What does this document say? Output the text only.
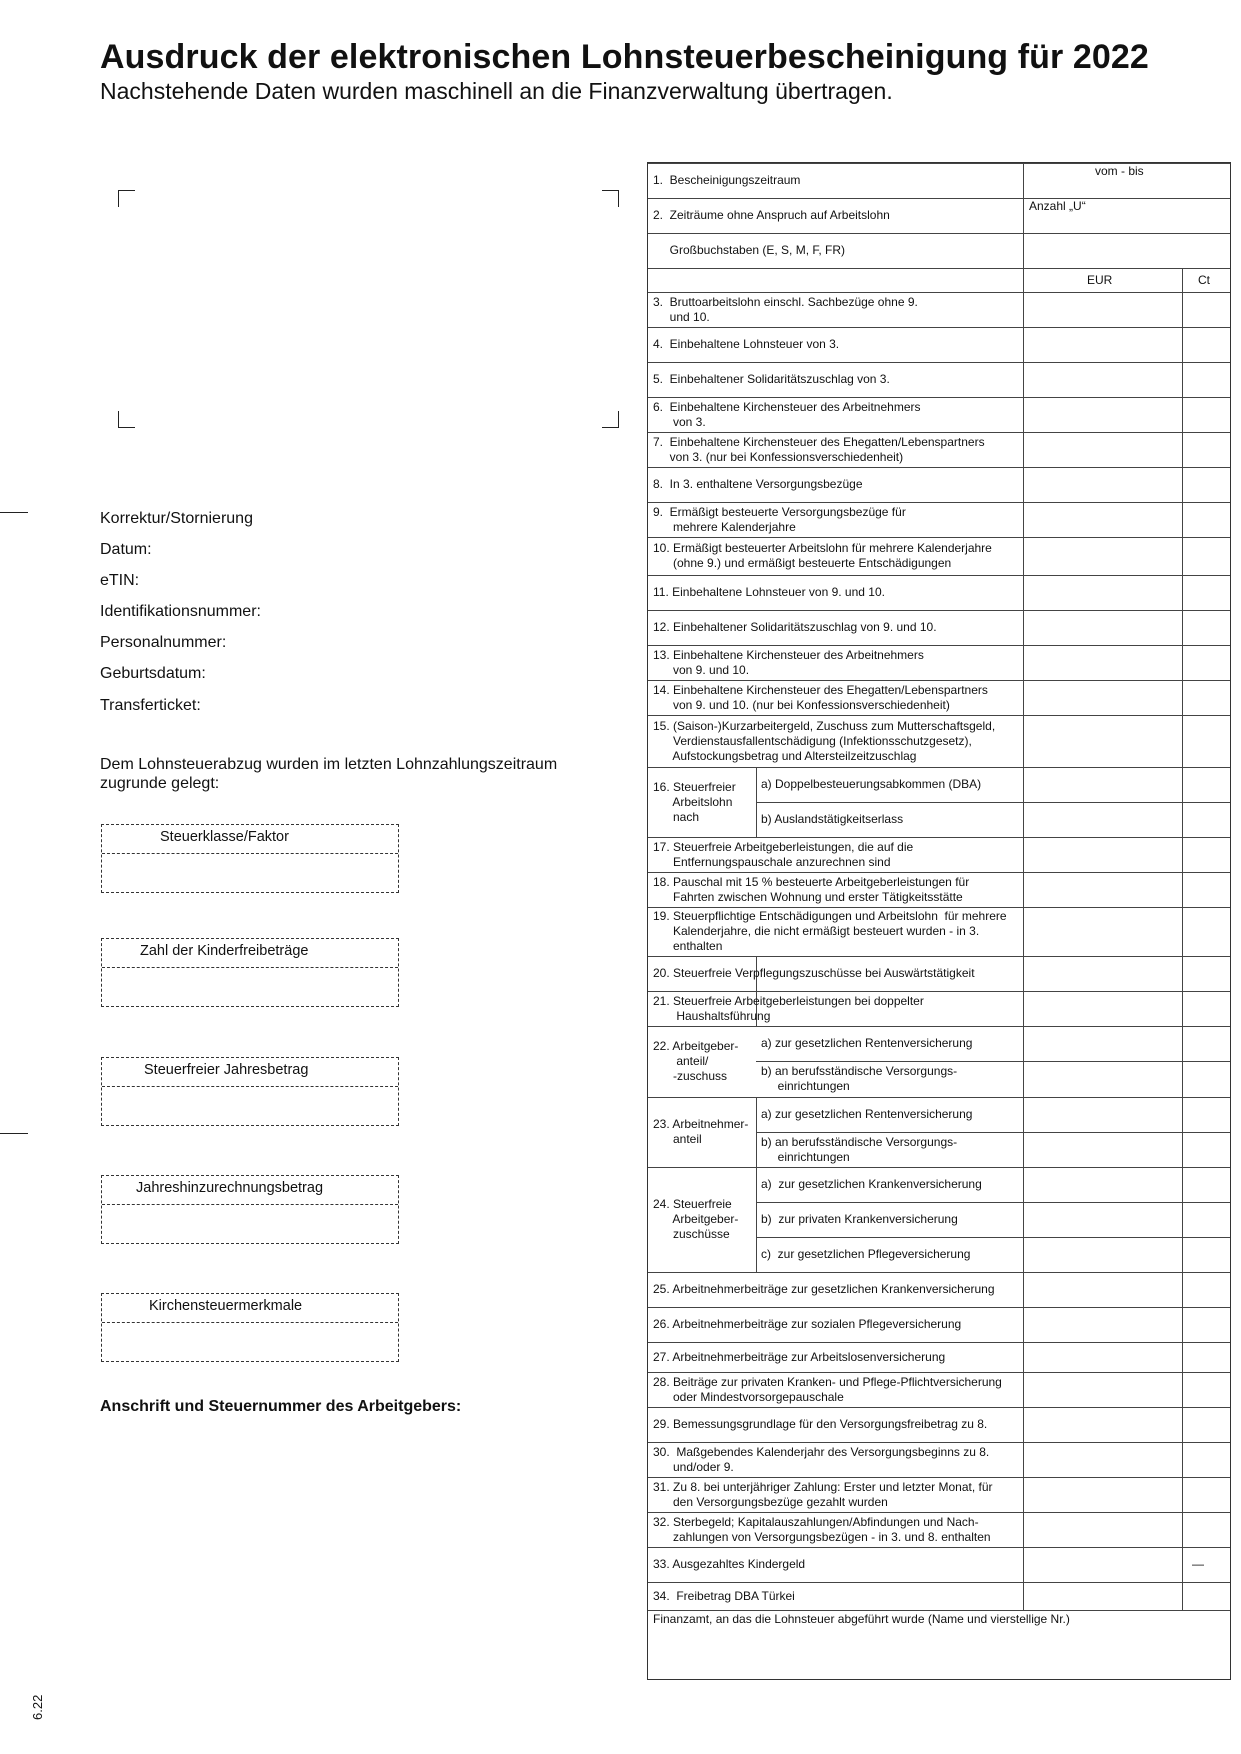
Ausdruck der elektronischen Lohnsteuerbescheinigung für 2022
Nachstehende Daten wurden maschinell an die Finanzverwaltung übertragen.
Korrektur/Stornierung
Datum:
eTIN:
Identifikationsnummer:
Personalnummer:
Geburtsdatum:
Transferticket:
Dem Lohnsteuerabzug wurden im letzten Lohnzahlungszeitraum zugrunde gelegt:
Steuerklasse/Faktor
Zahl der Kinderfreibeträge
Steuerfreier Jahresbetrag
Jahreshinzurechnungsbetrag
Kirchensteuermerkmale
Anschrift und Steuernummer des Arbeitgebers:
6.22
vom - bis
Anzahl „U“
EUR	Ct
1.  Bescheinigungszeitraum
2.  Zeiträume ohne Anspruch auf Arbeitslohn
Großbuchstaben (E, S, M, F, FR)
3.  Bruttoarbeitslohn einschl. Sachbezüge ohne 9.
und 10.
4.  Einbehaltene Lohnsteuer von 3.
5.  Einbehaltener Solidaritätszuschlag von 3.
6.  Einbehaltene Kirchensteuer des Arbeitnehmers
von 3.
7.  Einbehaltene Kirchensteuer des Ehegatten/Lebenspartners
von 3. (nur bei Konfessionsverschiedenheit)
8.  In 3. enthaltene Versorgungsbezüge
9.  Ermäßigt besteuerte Versorgungsbezüge für
mehrere Kalenderjahre
10. Ermäßigt besteuerter Arbeitslohn für mehrere Kalenderjahre
(ohne 9.) und ermäßigt besteuerte Entschädigungen
11. Einbehaltene Lohnsteuer von 9. und 10.
12. Einbehaltener Solidaritätszuschlag von 9. und 10.
13. Einbehaltene Kirchensteuer des Arbeitnehmers
von 9. und 10.
14. Einbehaltene Kirchensteuer des Ehegatten/Lebenspartners
von 9. und 10. (nur bei Konfessionsverschiedenheit)
15. (Saison-)Kurzarbeitergeld, Zuschuss zum Mutterschaftsgeld,
Verdienstausfallentschädigung (Infektionsschutzgesetz),
Aufstockungsbetrag und Altersteilzeitzuschlag
16. Steuerfreier
Arbeitslohn
nach
a) Doppelbesteuerungsabkommen (DBA)
b) Auslandstätigkeitserlass
17. Steuerfreie Arbeitgeberleistungen, die auf die
Entfernungspauschale anzurechnen sind
18. Pauschal mit 15 % besteuerte Arbeitgeberleistungen für
Fahrten zwischen Wohnung und erster Tätigkeitsstätte
19. Steuerpflichtige Entschädigungen und Arbeitslohn  für mehrere
Kalenderjahre, die nicht ermäßigt besteuert wurden - in 3.
enthalten
20. Steuerfreie Verpflegungszuschüsse bei Auswärtstätigkeit
21. Steuerfreie Arbeitgeberleistungen bei doppelter
Haushaltsführung
22. Arbeitgeber-
anteil/
-zuschuss
a) zur gesetzlichen Rentenversicherung
b) an berufsständische Versorgungs-
einrichtungen
23. Arbeitnehmer-
anteil
a) zur gesetzlichen Rentenversicherung
b) an berufsständische Versorgungs-
einrichtungen
24. Steuerfreie
Arbeitgeber-
zuschüsse
a)  zur gesetzlichen Krankenversicherung
b)  zur privaten Krankenversicherung
c)  zur gesetzlichen Pflegeversicherung
25. Arbeitnehmerbeiträge zur gesetzlichen Krankenversicherung
26. Arbeitnehmerbeiträge zur sozialen Pflegeversicherung
27. Arbeitnehmerbeiträge zur Arbeitslosenversicherung
28. Beiträge zur privaten Kranken- und Pflege-Pflichtversicherung
oder Mindestvorsorgepauschale
29. Bemessungsgrundlage für den Versorgungsfreibetrag zu 8.
30.  Maßgebendes Kalenderjahr des Versorgungsbeginns zu 8.
und/oder 9.
31. Zu 8. bei unterjähriger Zahlung: Erster und letzter Monat, für
den Versorgungsbezüge gezahlt wurden
32. Sterbegeld; Kapitalauszahlungen/Abfindungen und Nach-
zahlungen von Versorgungsbezügen - in 3. und 8. enthalten
33. Ausgezahltes Kindergeld
34.  Freibetrag DBA Türkei
—
Finanzamt, an das die Lohnsteuer abgeführt wurde (Name und vierstellige Nr.)
